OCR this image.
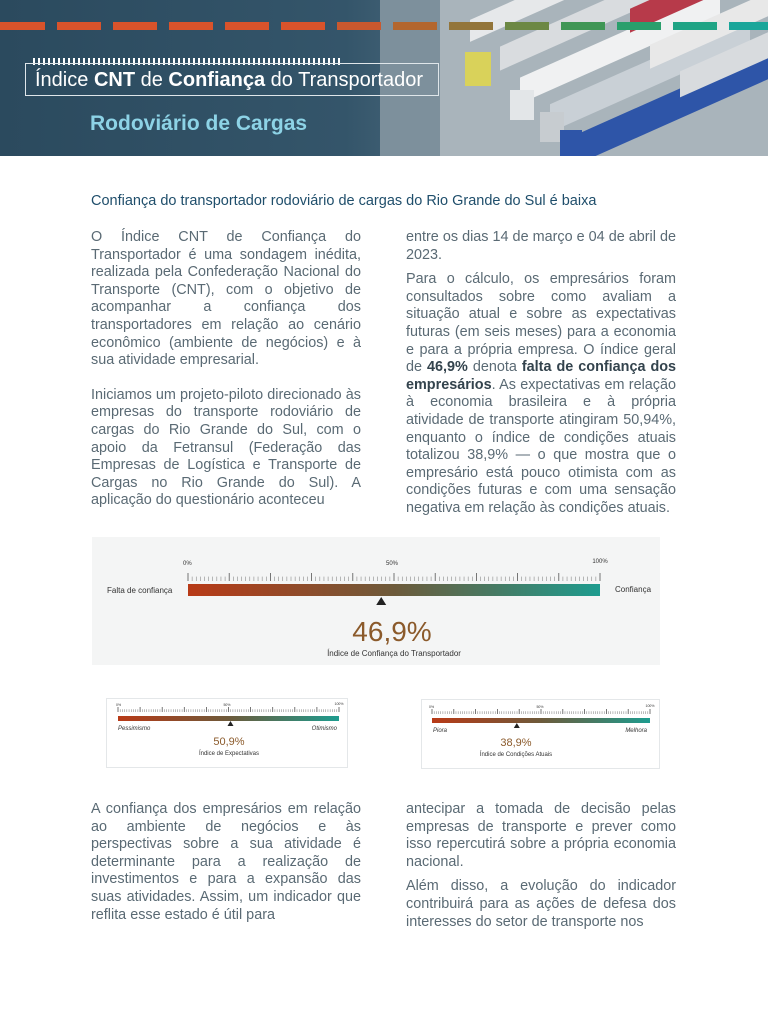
Índice CNT de Confiança do Transportador
Rodoviário de Cargas
Confiança do transportador rodoviário de cargas do Rio Grande do Sul é baixa

O Índice CNT de Confiança do Transportador é uma sondagem inédita, realizada pela Confederação Nacional do Transporte (CNT), com o objetivo de acompanhar a confiança dos transportadores em relação ao cenário econômico (ambiente de negócios) e à sua atividade empresarial.

Iniciamos um projeto-piloto direcionado às empresas do transporte rodoviário de cargas do Rio Grande do Sul, com o apoio da Fetransul (Federação das Empresas de Logística e Transporte de Cargas no Rio Grande do Sul). A aplicação do questionário aconteceu

entre os dias 14 de março e 04 de abril de 2023.

Para o cálculo, os empresários foram consultados sobre como avaliam a situação atual e sobre as expectativas futuras (em seis meses) para a economia e para a própria empresa. O índice geral de 46,9% denota falta de confiança dos empresários. As expectativas em relação à economia brasileira e à própria atividade de transporte atingiram 50,94%, enquanto o índice de condições atuais totalizou 38,9% — o que mostra que o empresário está pouco otimista com as condições futuras e com uma sensação negativa em relação às condições atuais.

0%	50%	100%
Falta de confiança	Confiança
46,9%
Índice de Confiança do Transportador
0%	50%	100%
Pessimismo	Otimismo
50,9%
Índice de Expectativas
0%	50%	100%
Piora	Melhora
38,9%
Índice de Condições Atuais

A confiança dos empresários em relação ao ambiente de negócios e às perspectivas sobre a sua atividade é determinante para a realização de investimentos e para a expansão das suas atividades. Assim, um indicador que reflita esse estado é útil para

antecipar a tomada de decisão pelas empresas de transporte e prever como isso repercutirá sobre a própria economia nacional.

Além disso, a evolução do indicador contribuirá para as ações de defesa dos interesses do setor de transporte nos
